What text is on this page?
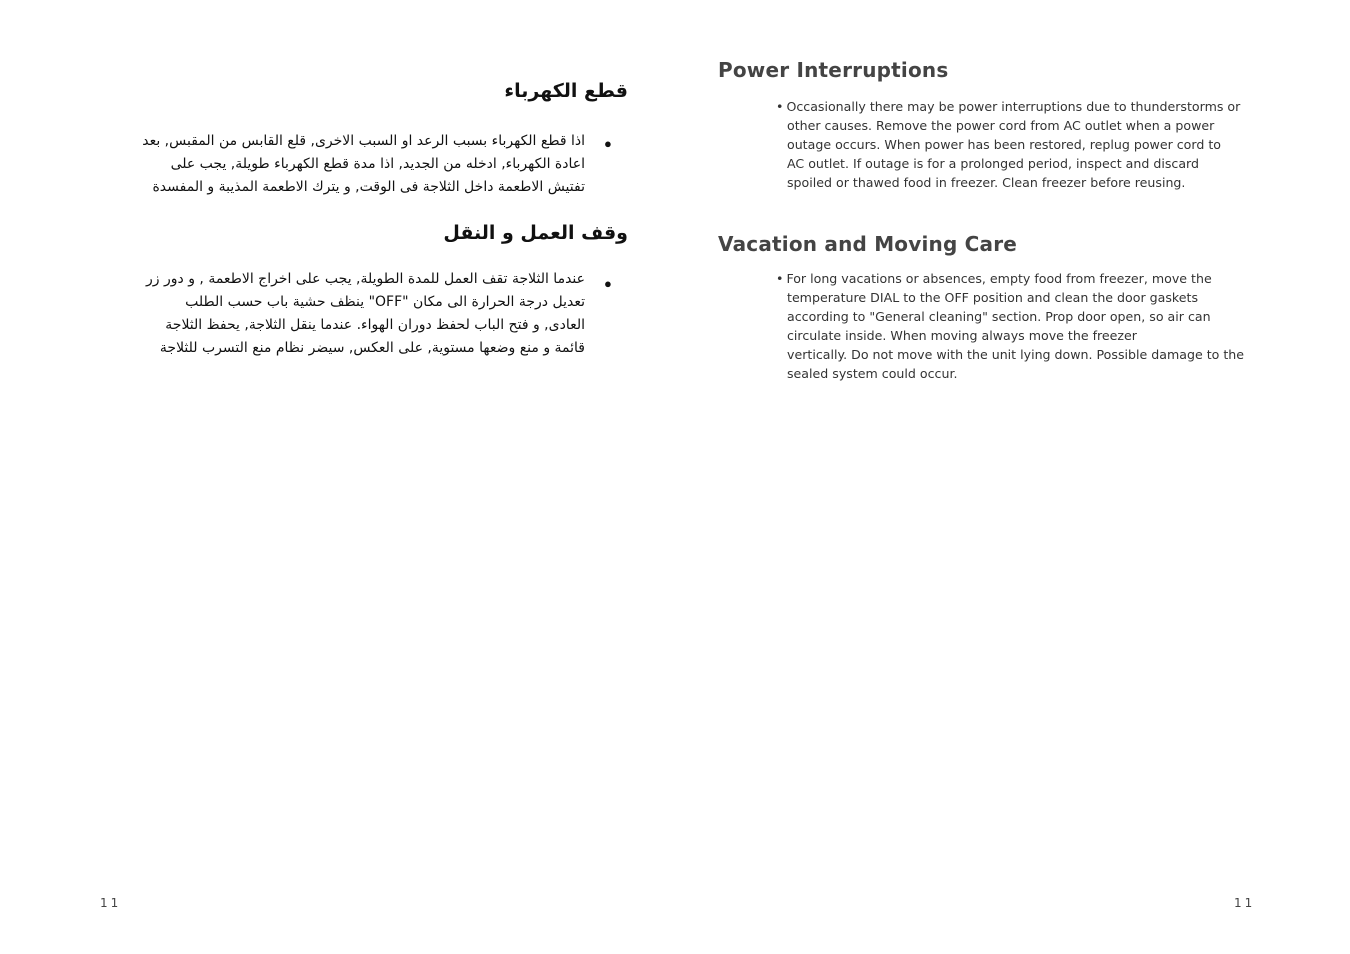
قطع الكهرباء
●
اذا قطع الكهرباء بسبب الرعد او السبب الاخرى, قلع القابس من المقبس, بعد
اعادة الكهرباء, ادخله من الجديد, اذا مدة قطع الكهرباء طويلة, يجب على
تفتيش الاطعمة داخل الثلاجة فى الوقت, و يترك الاطعمة المذيبة و المفسدة
وقف العمل و النقل
●
عندما الثلاجة تقف العمل للمدة الطويلة, يجب على اخراج الاطعمة , و دور زر
تعديل درجة الحرارة الى مكان "OFF" ينظف حشية باب حسب الطلب
العادى, و فتح الباب لحفظ دوران الهواء. عندما ينقل الثلاجة, يحفظ الثلاجة
قائمة و منع وضعها مستوية, على العكس, سيضر نظام منع التسرب للثلاجة

11

Power Interruptions
• Occasionally there may be power interruptions due to thunderstorms or
other causes. Remove the power cord from AC outlet when a power
outage occurs. When power has been restored, replug power cord to
AC outlet. If outage is for a prolonged period, inspect and discard
spoiled or thawed food in freezer. Clean freezer before reusing.
Vacation and Moving Care
• For long vacations or absences, empty food from freezer, move the
temperature DIAL to the OFF position and clean the door gaskets
according to "General cleaning" section. Prop door open, so air can
circulate inside. When moving always move the freezer
vertically. Do not move with the unit lying down. Possible damage to the
sealed system could occur.

11
